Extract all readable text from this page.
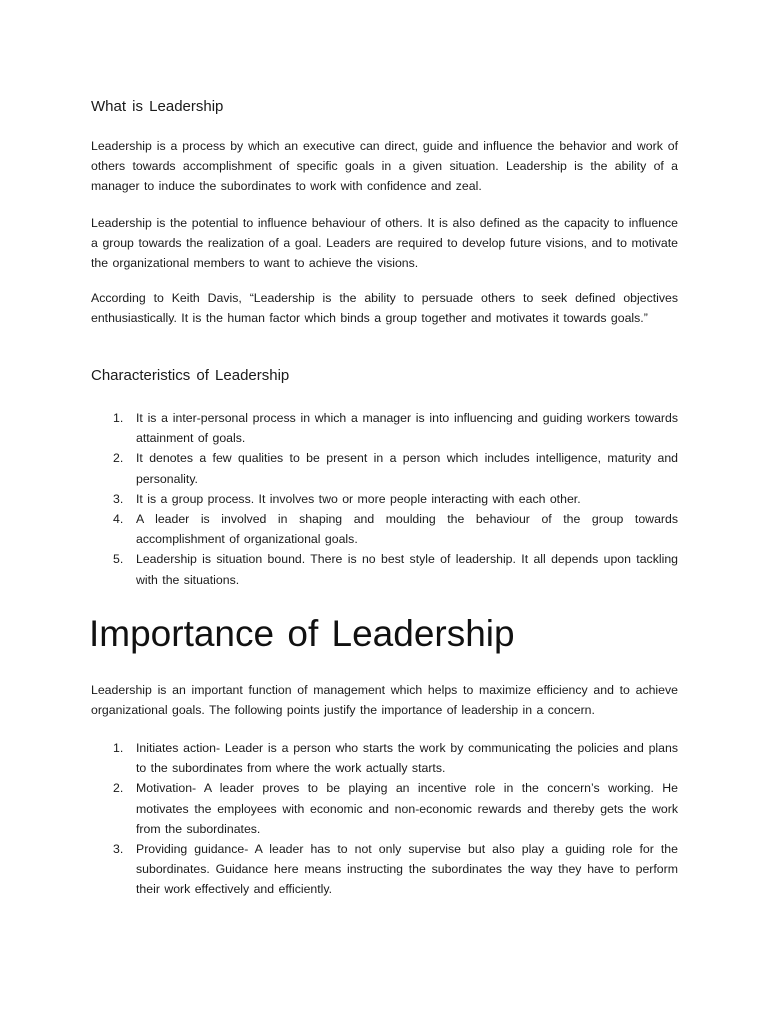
What is Leadership

Leadership is a process by which an executive can direct, guide and influence the behavior and work of others towards accomplishment of specific goals in a given situation. Leadership is the ability of a manager to induce the subordinates to work with confidence and zeal.

Leadership is the potential to influence behaviour of others. It is also defined as the capacity to influence a group towards the realization of a goal. Leaders are required to develop future visions, and to motivate the organizational members to want to achieve the visions.

According to Keith Davis, “Leadership is the ability to persuade others to seek defined objectives enthusiastically. It is the human factor which binds a group together and motivates it towards goals.”

Characteristics of Leadership
1. It is a inter-personal process in which a manager is into influencing and guiding workers towards attainment of goals.
2. It denotes a few qualities to be present in a person which includes intelligence, maturity and personality.
3. It is a group process. It involves two or more people interacting with each other.
4. A leader is involved in shaping and moulding the behaviour of the group towards accomplishment of organizational goals.
5. Leadership is situation bound. There is no best style of leadership. It all depends upon tackling with the situations.
Importance of Leadership

Leadership is an important function of management which helps to maximize efficiency and to achieve organizational goals. The following points justify the importance of leadership in a concern.

1. Initiates action- Leader is a person who starts the work by communicating the policies and plans to the subordinates from where the work actually starts.
2. Motivation- A leader proves to be playing an incentive role in the concern’s working. He motivates the employees with economic and non-economic rewards and thereby gets the work from the subordinates.
3. Providing guidance- A leader has to not only supervise but also play a guiding role for the subordinates. Guidance here means instructing the subordinates the way they have to perform their work effectively and efficiently.
